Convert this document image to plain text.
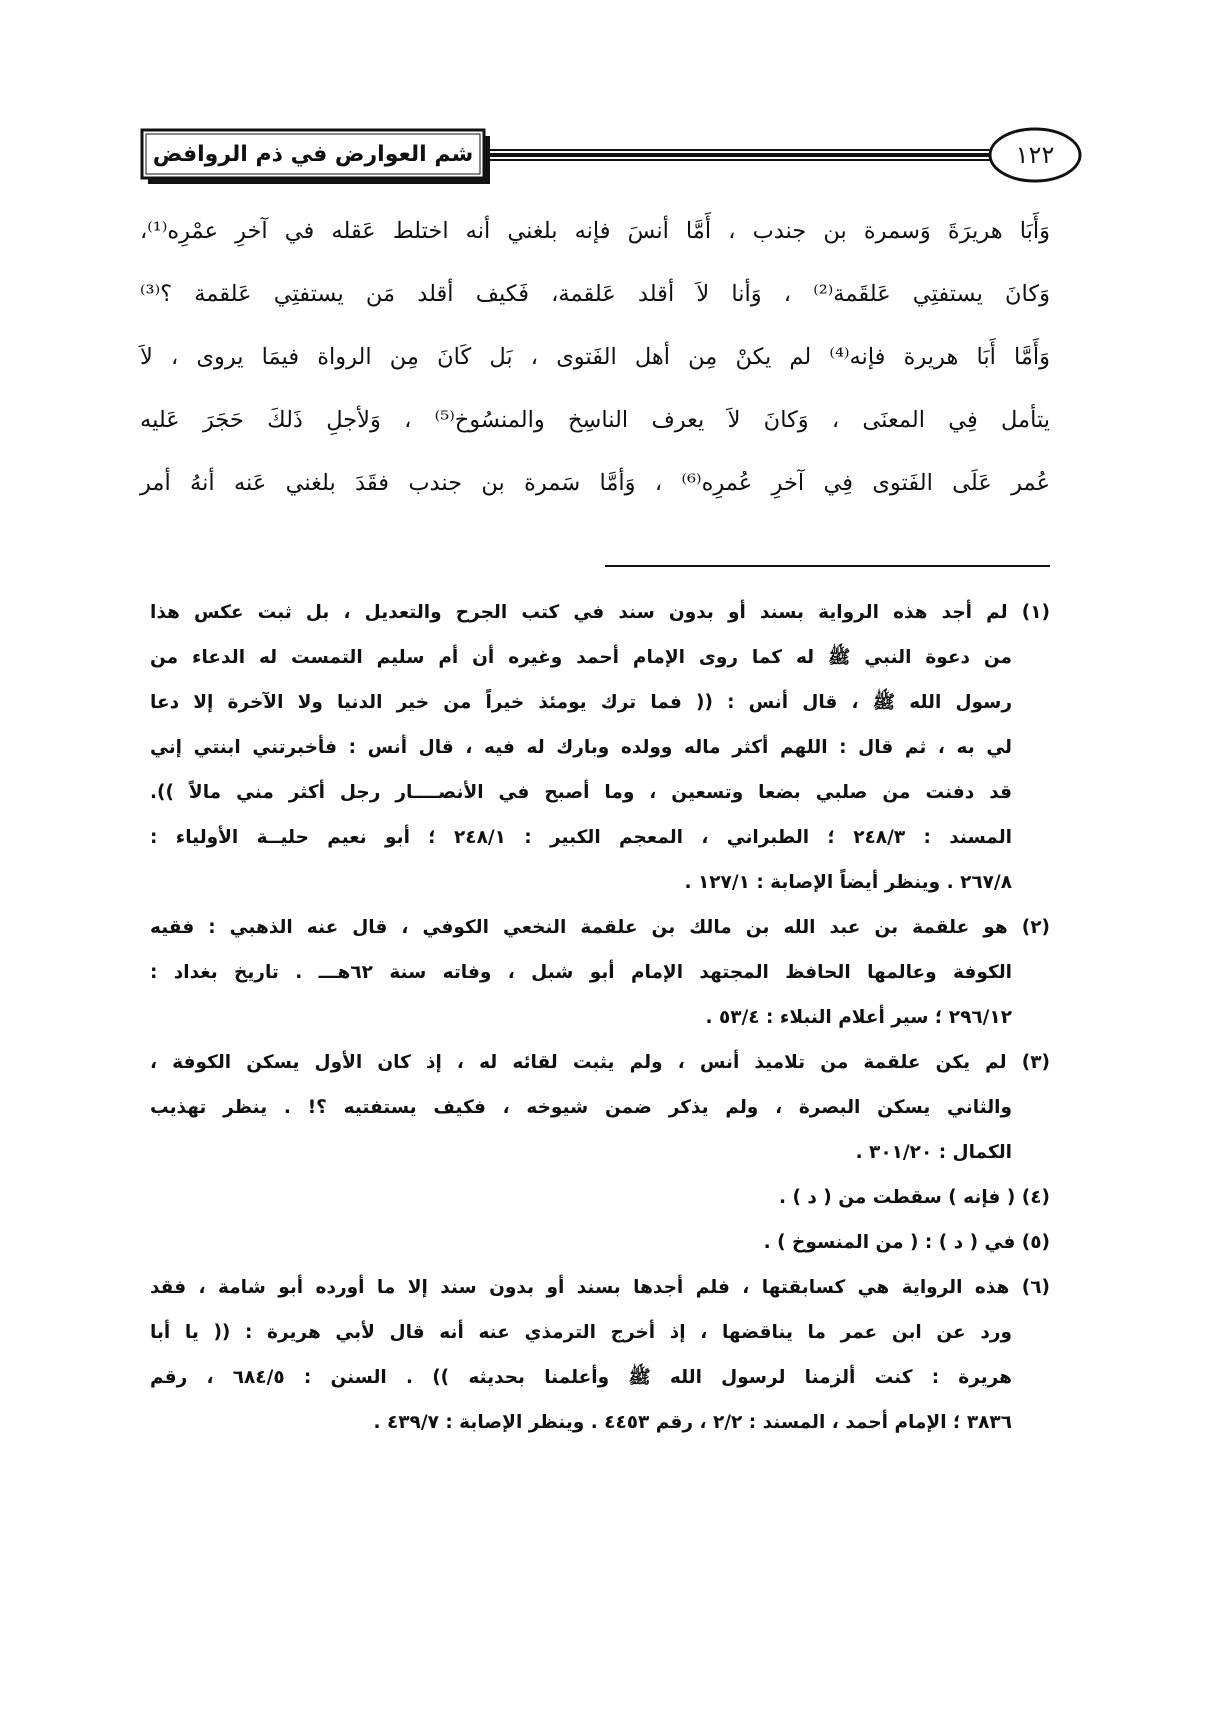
شم العوارض في ذم الروافض	١٢٢
وَأَبَا هريرَةَ وَسمرة بن جندب ، أَمَّا أنسَ فإنه بلغني أنه اختلط عَقله في آخرِ عمْرِه⁽¹⁾،
وَكانَ يستفتِي عَلقَمة⁽²⁾ ، وَأنا لاَ أقلد عَلقمة، فَكيف أقلد مَن يستفتِي عَلقمة ؟⁽³⁾
وَأَمَّا أَبَا هريرة فإنه⁽⁴⁾ لم يكنْ مِن أهل الفَتوى ، بَل كَانَ مِن الرواة فيمَا يروى ، لاَ
يتأمل فِي المعنَى ، وَكانَ لاَ يعرف الناسِخ والمنسُوخ⁽⁵⁾ ، وَلأجلِ ذَلكَ حَجَرَ عَليه
عُمر عَلَى الفَتوى فِي آخرِ عُمرِه⁽⁶⁾ ، وَأمَّا سَمرة بن جندب فقَدَ بلغني عَنه أنهُ أمر
(١) لم أجد هذه الرواية بسند أو بدون سند في كتب الجرح والتعديل ، بل ثبت عكس هذا
من دعوة النبي ﷺ له كما روى الإمام أحمد وغيره أن أم سليم التمست له الدعاء من
رسول الله ﷺ ، قال أنس : (( فما ترك يومئذ خيراً من خير الدنيا ولا الآخرة إلا دعا
لي به ، ثم قال : اللهم أكثر ماله وولده وبارك له فيه ، قال أنس : فأخبرتني ابنتي إني
قد دفنت من صلبي بضعا وتسعين ، وما أصبح في الأنصــــار رجل أكثر مني مالاً )).
المسند : ٢٤٨/٣ ؛ الطبراني ، المعجم الكبير : ٢٤٨/١ ؛ أبو نعيم حليــة الأولياء :
٢٦٧/٨ . وينظر أيضاً الإصابة : ١٢٧/١ .
(٢) هو علقمة بن عبد الله بن مالك بن علقمة النخعي الكوفي ، قال عنه الذهبي : فقيه
الكوفة وعالمها الحافظ المجتهد الإمام أبو شبل ، وفاته سنة ٦٢هـــ . تاريخ بغداد :
٢٩٦/١٢ ؛ سير أعلام النبلاء : ٥٣/٤ .
(٣) لم يكن علقمة من تلاميذ أنس ، ولم يثبت لقائه له ، إذ كان الأول يسكن الكوفة ،
والثاني يسكن البصرة ، ولم يذكر ضمن شيوخه ، فكيف يستفتيه ؟! . ينظر تهذيب
الكمال : ٣٠١/٢٠ .
(٤) ( فإنه ) سقطت من ( د ) .
(٥) في ( د ) : ( من المنسوخ ) .
(٦) هذه الرواية هي كسابقتها ، فلم أجدها بسند أو بدون سند إلا ما أورده أبو شامة ، فقد
ورد عن ابن عمر ما يناقضها ، إذ أخرج الترمذي عنه أنه قال لأبي هريرة : (( يا أبا
هريرة : كنت ألزمنا لرسول الله ﷺ وأعلمنا بحديثه )) . السنن : ٦٨٤/٥ ، رقم
٣٨٣٦ ؛ الإمام أحمد ، المسند : ٢/٢ ، رقم ٤٤٥٣ . وينظر الإصابة : ٤٣٩/٧ .
